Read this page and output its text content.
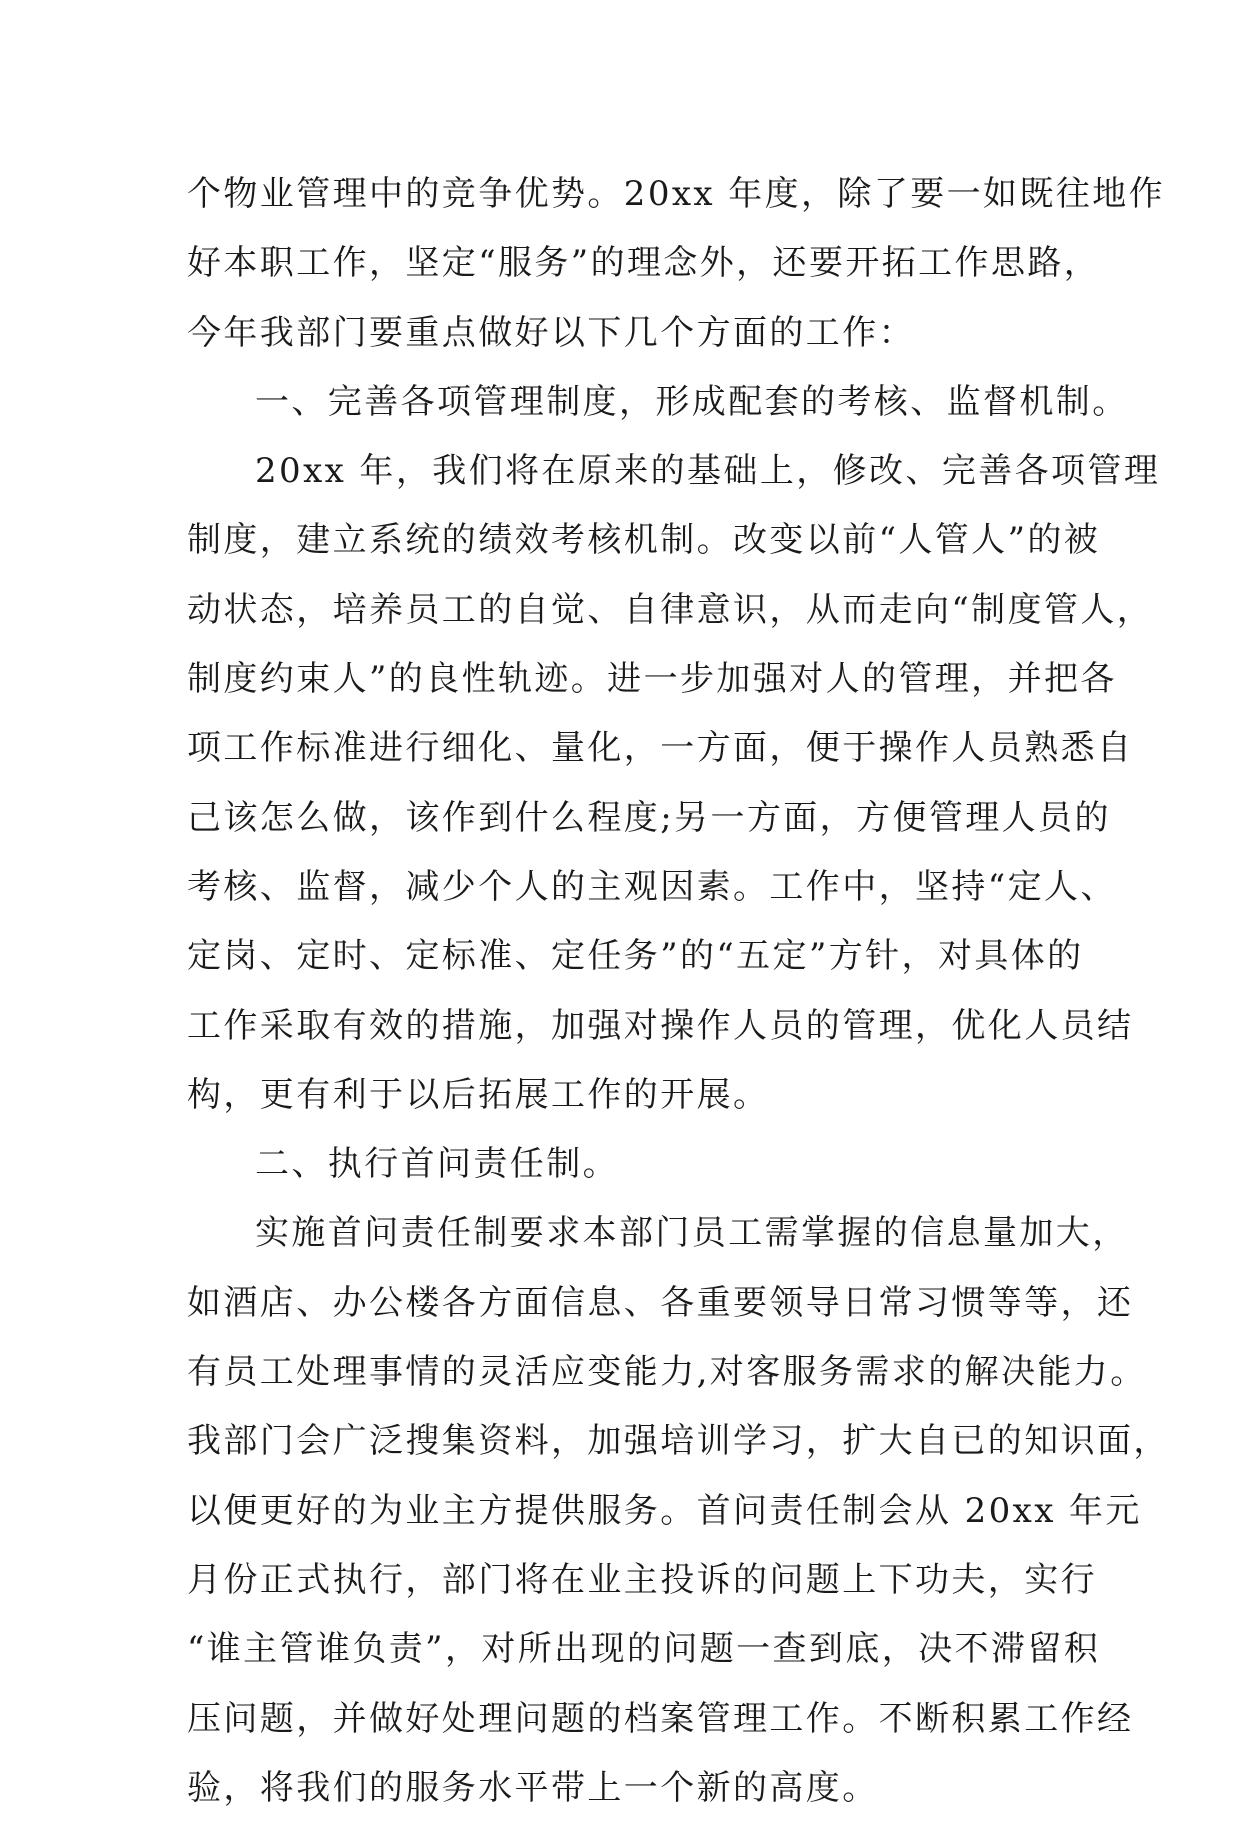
个物业管理中的竞争优势。20xx 年度，除了要一如既往地作
好本职工作，坚定“服务”的理念外，还要开拓工作思路，
今年我部门要重点做好以下几个方面的工作：
一、完善各项管理制度，形成配套的考核、监督机制。
20xx 年，我们将在原来的基础上，修改、完善各项管理
制度，建立系统的绩效考核机制。改变以前“人管人”的被
动状态，培养员工的自觉、自律意识，从而走向“制度管人，
制度约束人”的良性轨迹。进一步加强对人的管理，并把各
项工作标准进行细化、量化，一方面，便于操作人员熟悉自
己该怎么做，该作到什么程度;另一方面，方便管理人员的
考核、监督，减少个人的主观因素。工作中，坚持“定人、
定岗、定时、定标准、定任务”的“五定”方针，对具体的
工作采取有效的措施，加强对操作人员的管理，优化人员结
构，更有利于以后拓展工作的开展。
二、执行首问责任制。
实施首问责任制要求本部门员工需掌握的信息量加大，
如酒店、办公楼各方面信息、各重要领导日常习惯等等，还
有员工处理事情的灵活应变能力,对客服务需求的解决能力。
我部门会广泛搜集资料，加强培训学习，扩大自已的知识面，
以便更好的为业主方提供服务。首问责任制会从 20xx 年元
月份正式执行，部门将在业主投诉的问题上下功夫，实行
“谁主管谁负责”，对所出现的问题一查到底，决不滞留积
压问题，并做好处理问题的档案管理工作。不断积累工作经
验，将我们的服务水平带上一个新的高度。
